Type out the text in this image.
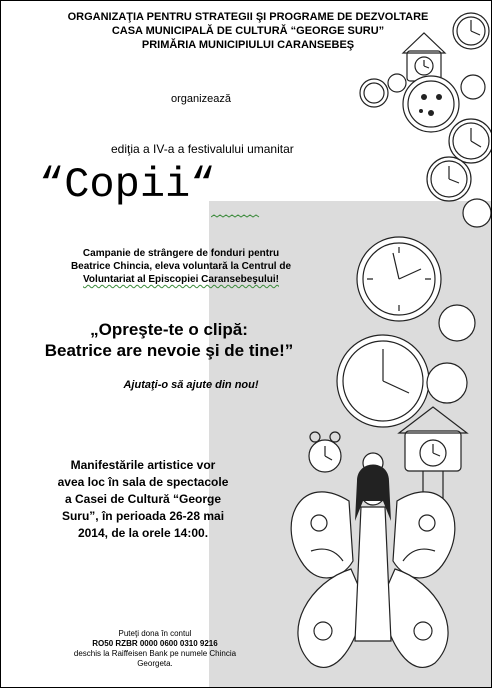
ORGANIZAŢIA PENTRU STRATEGII ŞI PROGRAME DE DEZVOLTARE
CASA MUNICIPALĂ DE CULTURĂ “GEORGE SURU”
PRIMĂRIA MUNICIPIULUI CARANSEBEŞ
organizează
ediţia a IV-a a festivalului umanitar
“Copii“
Campanie de strângere de fonduri pentru
Beatrice Chincia, eleva voluntară la Centrul de
Voluntariat al Episcopiei Caransebeşului!
„Opreşte-te o clipă:
Beatrice are nevoie şi de tine!”
Ajutaţi-o să ajute din nou!
Manifestările artistice vor
avea loc în sala de spectacole
a Casei de Cultură “George
Suru”, în perioada 26-28 mai
2014, de la orele 14:00.
Puteţi dona în contul
RO50 RZBR 0000 0600 0310 9216
deschis la Raiffeisen Bank pe numele Chincia
Georgeta.
